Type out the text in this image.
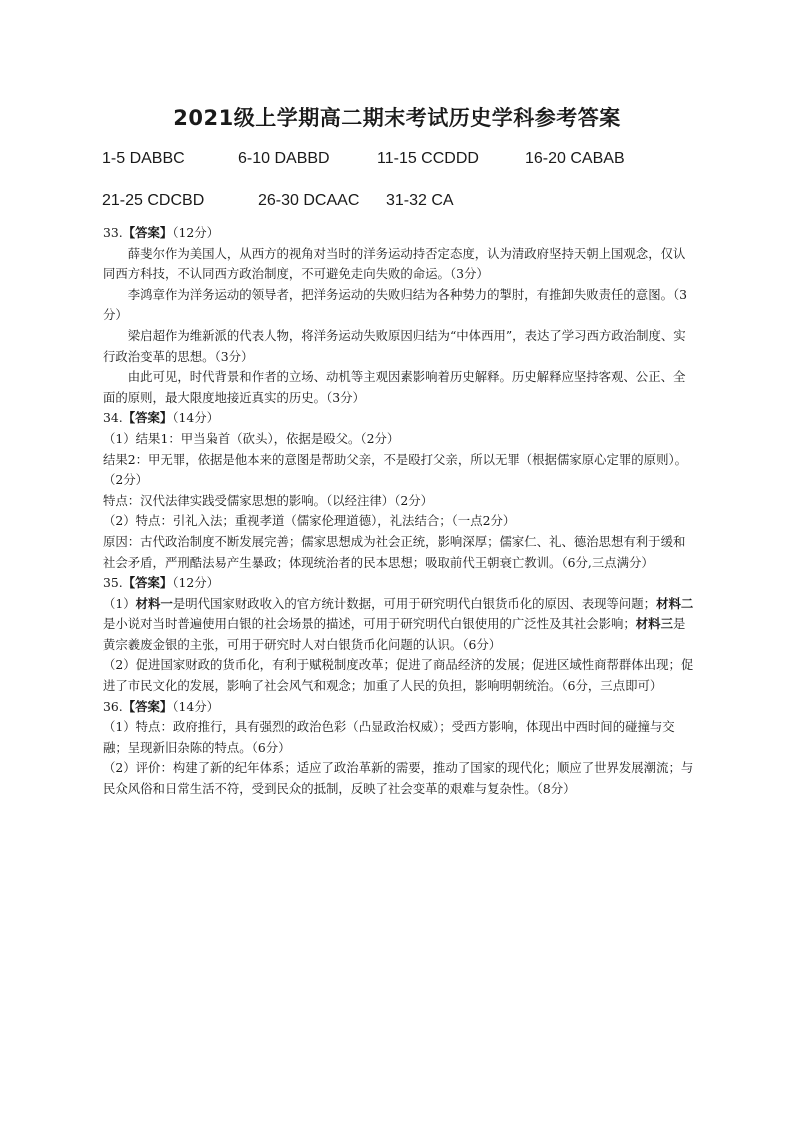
2021级上学期高二期末考试历史学科参考答案
1-5 DABBC	6-10 DABBD	11-15 CCDDD	16-20 CABAB
21-25 CDCBD	26-30 DCAAC 31-32 CA

33.【答案】（12分）

薛斐尔作为美国人，从西方的视角对当时的洋务运动持否定态度，认为清政府坚持天朝上国观念，仅认同西方科技，不认同西方政治制度，不可避免走向失败的命运。（3分）

李鸿章作为洋务运动的领导者，把洋务运动的失败归结为各种势力的掣肘，有推卸失败责任的意图。（3分）

梁启超作为维新派的代表人物，将洋务运动失败原因归结为“中体西用”，表达了学习西方政治制度、实行政治变革的思想。（3分）

由此可见，时代背景和作者的立场、动机等主观因素影响着历史解释。历史解释应坚持客观、公正、全面的原则，最大限度地接近真实的历史。（3分）

34.【答案】（14分）

（1）结果1：甲当枭首（砍头），依据是殴父。（2分）

结果2：甲无罪，依据是他本来的意图是帮助父亲，不是殴打父亲，所以无罪（根据儒家原心定罪的原则）。（2分）

特点：汉代法律实践受儒家思想的影响。（以经注律）（2分）

（2）特点：引礼入法；重视孝道（儒家伦理道德），礼法结合；（一点2分）

原因：古代政治制度不断发展完善；儒家思想成为社会正统，影响深厚；儒家仁、礼、德治思想有利于缓和社会矛盾，严刑酷法易产生暴政；体现统治者的民本思想；吸取前代王朝衰亡教训。（6分,三点满分）

35.【答案】（12分）

（1）材料一是明代国家财政收入的官方统计数据，可用于研究明代白银货币化的原因、表现等问题；材料二是小说对当时普遍使用白银的社会场景的描述，可用于研究明代白银使用的广泛性及其社会影响；材料三是黄宗羲废金银的主张，可用于研究时人对白银货币化问题的认识。（6分）

（2）促进国家财政的货币化，有利于赋税制度改革；促进了商品经济的发展；促进区域性商帮群体出现；促进了市民文化的发展，影响了社会风气和观念；加重了人民的负担，影响明朝统治。（6分，三点即可）

36.【答案】（14分）

（1）特点：政府推行，具有强烈的政治色彩（凸显政治权威）；受西方影响，体现出中西时间的碰撞与交融；呈现新旧杂陈的特点。（6分）

（2）评价：构建了新的纪年体系；适应了政治革新的需要，推动了国家的现代化；顺应了世界发展潮流；与民众风俗和日常生活不符，受到民众的抵制，反映了社会变革的艰难与复杂性。（8分）
